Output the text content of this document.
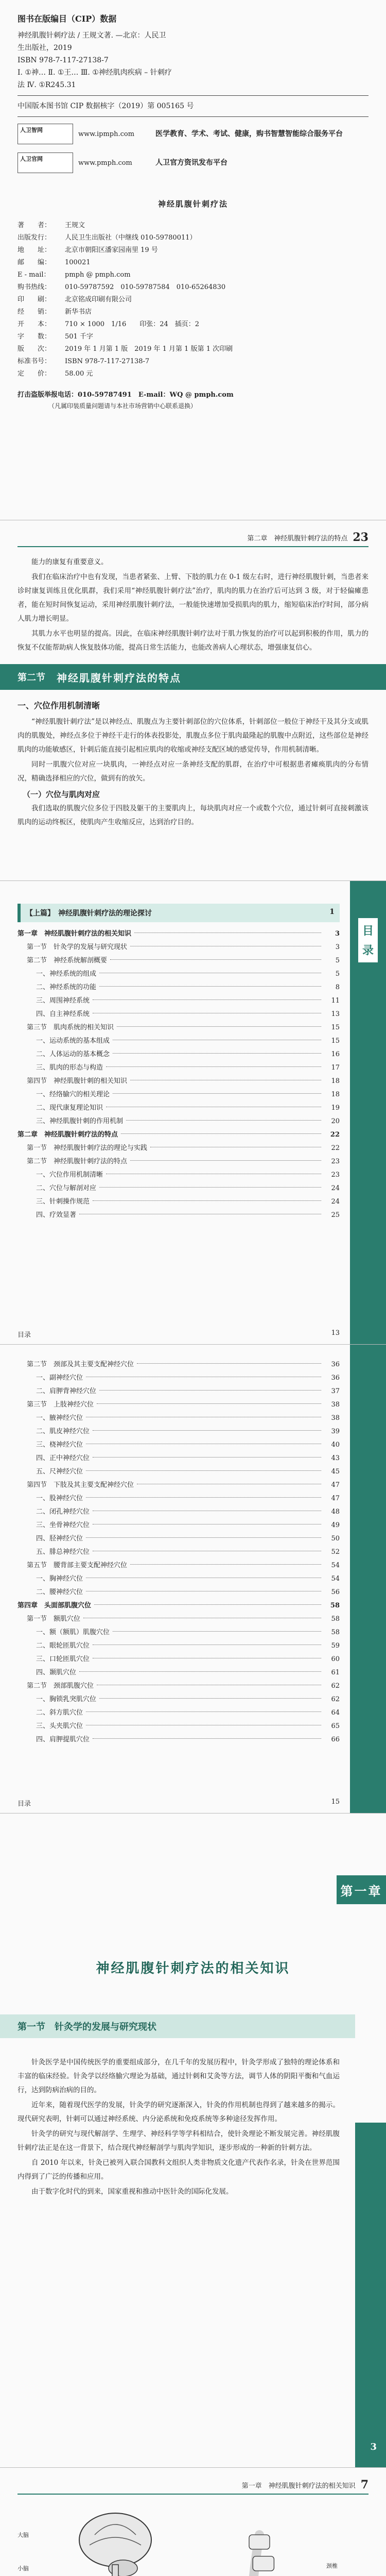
图书在版编目（CIP）数据
神经肌腹针刺疗法 / 王规文著. —北京：人民卫
生出版社，2019
ISBN 978-7-117-27138-7
Ⅰ. ①神… Ⅱ. ①王… Ⅲ. ①神经肌肉疾病 – 针刺疗
法 Ⅳ. ①R245.31
中国版本图书馆 CIP 数据核字（2019）第 005165 号
人卫智网	www.ipmph.com	医学教育、学术、考试、健康，购书智慧智能综合服务平台
人卫官网	www.pmph.com	人卫官方资讯发布平台
神经肌腹针刺疗法
著　　者：	王规文
出版发行：	人民卫生出版社（中继线 010-59780011）
地　　址：	北京市朝阳区潘家园南里 19 号
邮　　编：	100021
E - mail：	pmph @ pmph.com
购书热线：	010-59787592　010-59787584　010-65264830
印　　刷：	北京铭成印刷有限公司
经　　销：	新华书店
开　　本：	710 × 1000　1/16　　印张：24　插页：2
字　　数：	501 千字
版　　次：	2019 年 1 月第 1 版　2019 年 1 月第 1 版第 1 次印刷
标准书号：	ISBN 978-7-117-27138-7
定　　价：	58.00 元
打击盗版举报电话：010-59787491　E-mail：WQ @ pmph.com
（凡属印装质量问题请与本社市场营销中心联系退换）
第二章　神经肌腹针刺疗法的特点 23

能力的康复有重要意义。

我们在临床治疗中也有发现，当患者紧张、上臂、下肢的肌力在 0-1 级左右时，进行神经肌腹针刺，当患者来诊时康复训练且优化肌群，我们采用“神经肌腹针刺疗法”治疗，肌肉的肌力在治疗后可达到 3 级，对于轻偏瘫患者，能在短时间恢复运动，采用神经肌腹针刺疗法，一般能快速增加受损肌肉的肌力，缩短临床治疗时间，部分病人肌力增长明显。

其肌力水平也明显的提高。因此，在临床神经肌腹针刺疗法对于肌力恢复的治疗可以起到积极的作用，肌力的恢复不仅能帮助病人恢复肢体功能，提高日常生活能力，也能改善病人心理状态，增强康复信心。

第二节 神经肌腹针刺疗法的特点
一、穴位作用机制清晰

“神经肌腹针刺疗法”是以神经点、肌腹点为主要针刺部位的穴位体系，针刺部位一般位于神经干及其分支或肌肉的肌腹处，神经点多位于神经干走行的体表投影处，肌腹点多位于肌肉最隆起的肌腹中点附近，这些部位是神经肌肉的功能敏感区，针刺后能直接引起相应肌肉的收缩或神经支配区域的感觉传导，作用机制清晰。

同时一肌腹穴位对应一块肌肉，一神经点对应一条神经支配的肌群，在治疗中可根据患者瘫痪肌肉的分布情况，精确选择相应的穴位，做到有的放矢。

（一）穴位与肌肉对应

我们选取的肌腹穴位多位于四肢及躯干的主要肌肉上，每块肌肉对应一个或数个穴位，通过针刺可直接刺激该肌肉的运动终板区，使肌肉产生收缩反应，达到治疗目的。

目录
【上篇】　神经肌腹针刺疗法的理论探讨	1
第一章　神经肌腹针刺疗法的相关知识	3
第一节　针灸学的发展与研究现状	3
第二节　神经系统解剖概要	5
一、神经系统的组成	5
二、神经系统的功能	8
三、周围神经系统	11
四、自主神经系统	13
第三节　肌肉系统的相关知识	15
一、运动系统的基本组成	15
二、人体运动的基本概念	16
三、肌肉的形态与构造	17
第四节　神经肌腹针刺的相关知识	18
一、经络腧穴的相关理论	18
二、现代康复理论知识	19
三、神经肌腹针刺的作用机制	20
第二章　神经肌腹针刺疗法的特点	22
第一节　神经肌腹针刺疗法的理论与实践	22
第二节　神经肌腹针刺疗法的特点	23
一、穴位作用机制清晰	23
二、穴位与解剖对应	24
三、针刺操作规范	24
四、疗效显著	25
目录	13
第二节　颈部及其主要支配神经穴位	36
一、副神经穴位	36
二、肩胛背神经穴位	37
第三节　上肢神经穴位	38
一、腋神经穴位	38
二、肌皮神经穴位	39
三、桡神经穴位	40
四、正中神经穴位	43
五、尺神经穴位	45
第四节　下肢及其主要支配神经穴位	47
一、股神经穴位	47
二、闭孔神经穴位	48
三、坐骨神经穴位	49
四、胫神经穴位	50
五、腓总神经穴位	52
第五节　腰背部主要支配神经穴位	54
一、胸神经穴位	54
二、腰神经穴位	56
第四章　头面部肌腹穴位	58
第一节　额肌穴位	58
一、额（额肌）肌腹穴位	58
二、眼轮匝肌穴位	59
三、口轮匝肌穴位	60
四、颞肌穴位	61
第二节　颈部肌腹穴位	62
一、胸锁乳突肌穴位	62
二、斜方肌穴位	64
三、头夹肌穴位	65
四、肩胛提肌穴位	66
目录	15
第一章
神经肌腹针刺疗法的相关知识
第一节　针灸学的发展与研究现状

针灸医学是中国传统医学的重要组成部分，在几千年的发展历程中，针灸学形成了独特的理论体系和丰富的临床经验。针灸学以经络腧穴理论为基础，通过针刺和艾灸等方法，调节人体的阴阳平衡和气血运行，达到防病治病的目的。

近年来，随着现代医学的发展，针灸学的研究逐渐深入，针灸的作用机制也得到了越来越多的揭示。现代研究表明，针刺可以通过神经系统、内分泌系统和免疫系统等多种途径发挥作用。

针灸学的研究与现代解剖学、生理学、神经科学等学科相结合，使针灸理论不断发展完善。神经肌腹针刺疗法正是在这一背景下，结合现代神经解剖学与肌肉学知识，逐步形成的一种新的针刺方法。

自 2010 年以来，针灸已被列入联合国教科文组织人类非物质文化遗产代表作名录，针灸在世界范围内得到了广泛的传播和应用。

由于数字化时代的到来，国家重视和推动中医针灸的国际化发展。

3
第一章　神经肌腹针刺疗法的相关知识 7
大脑
小脑	颈椎
